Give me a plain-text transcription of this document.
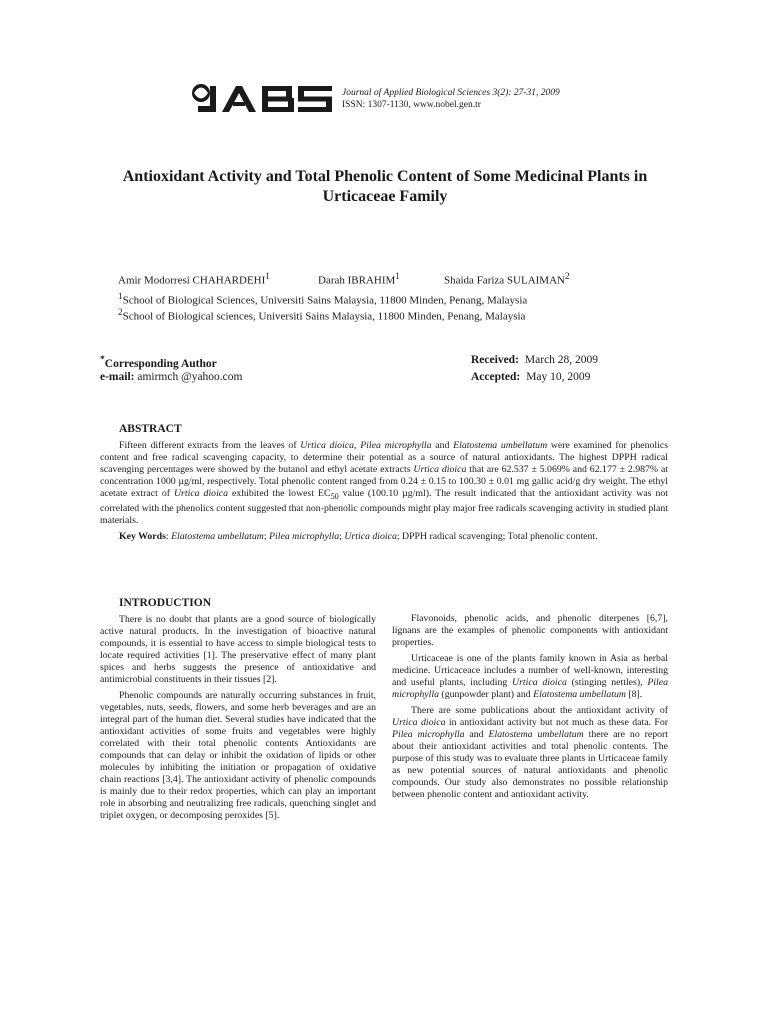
JABS
Journal of Applied Biological Sciences 3(2): 27-31, 2009
ISSN: 1307-1130, www.nobel.gen.tr
Antioxidant Activity and Total Phenolic Content of Some Medicinal Plants in Urticaceae Family
Amir Modorresi CHAHARDEHI$^1$	Darah IBRAHIM$^1$	Shaida Fariza SULAIMAN$^2$
$^1$School of Biological Sciences, Universiti Sains Malaysia, 11800 Minden, Penang, Malaysia
$^2$School of Biological sciences, Universiti Sains Malaysia, 11800 Minden, Penang, Malaysia
*Corresponding Author
e-mail: amirmch @yahoo.com
Received: March 28, 2009
Accepted: May 10, 2009
ABSTRACT

Fifteen different extracts from the leaves of Urtica dioica, Pilea microphylla and Elatostema umbellatum were examined for phenolics content and free radical scavenging capacity, to determine their potential as a source of natural antioxidants. The highest DPPH radical scavenging percentages were showed by the butanol and ethyl acetate extracts Urtica dioica that are 62.537 ± 5.069% and 62.177 ± 2.987% at concentration 1000 µg/ml, respectively. Total phenolic content ranged from 0.24 ± 0.15 to 100.30 ± 0.01 mg gallic acid/g dry weight. The ethyl acetate extract of Urtica dioica exhibited the lowest $EC_{50}$ value (100.10 µg/ml). The result indicated that the antioxidant activity was not correlated with the phenolics content suggested that non-phenolic compounds might play major free radicals scavenging activity in studied plant materials.

Key Words: Elatostema umbellatum; Pilea microphylla; Urtica dioica; DPPH radical scavenging; Total phenolic content.

INTRODUCTION

There is no doubt that plants are a good source of biologically active natural products. In the investigation of bioactive natural compounds, it is essential to have access to simple biological tests to locate required activities [1]. The preservative effect of many plant spices and herbs suggests the presence of antioxidative and antimicrobial constituents in their tissues [2].

Phenolic compounds are naturally occurring substances in fruit, vegetables, nuts, seeds, flowers, and some herb beverages and are an integral part of the human diet. Several studies have indicated that the antioxidant activities of some fruits and vegetables were highly correlated with their total phenolic contents Antioxidants are compounds that can delay or inhibit the oxidation of lipids or other molecules by inhibiting the initiation or propagation of oxidative chain reactions [3,4]. The antioxidant activity of phenolic compounds is mainly due to their redox properties, which can play an important role in absorbing and neutralizing free radicals, quenching singlet and triplet oxygen, or decomposing peroxides [5].

Flavonoids, phenolic acids, and phenolic diterpenes [6,7], lignans are the examples of phenolic components with antioxidant properties.

Urticaceae is one of the plants family known in Asia as herbal medicine. Urticaceace includes a number of well-known, interesting and useful plants, including Urtica dioica (stinging nettles), Pilea microphylla (gunpowder plant) and Elatostema umbellatum [8].

There are some publications about the antioxidant activity of Urtica dioica in antioxidant activity but not much as these data. For Pilea microphylla and Elatostema umbellatum there are no report about their antioxidant activities and total phenolic contents. The purpose of this study was to evaluate three plants in Urticaceae family as new potential sources of natural antioxidants and phenolic compounds. Our study also demonstrates no possible relationship between phenolic content and antioxidant activity.
